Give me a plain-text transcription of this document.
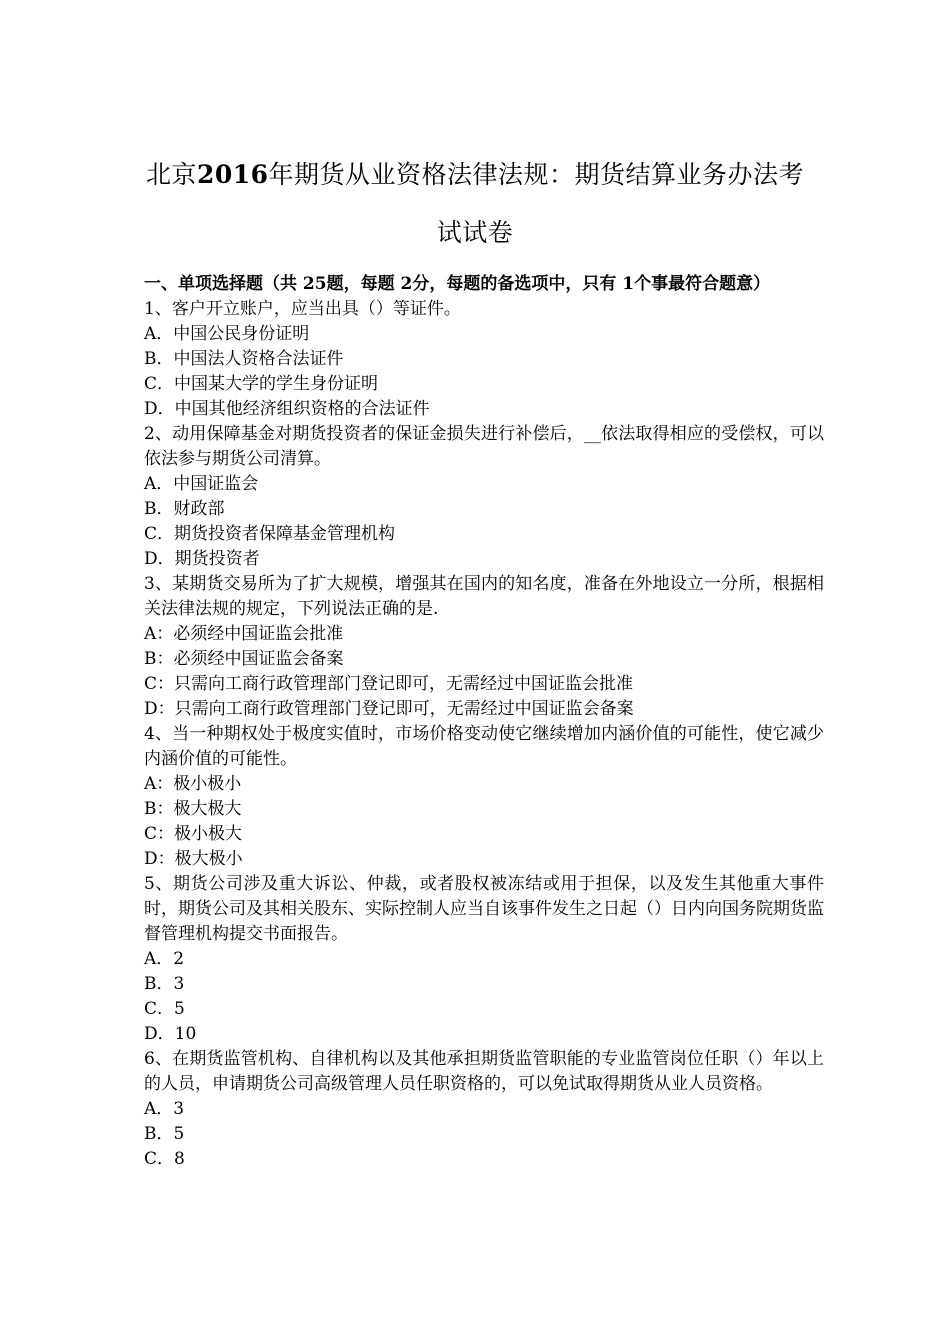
北京2016年期货从业资格法律法规：期货结算业务办法考
试试卷
一、单项选择题（共 25题，每题 2分，每题的备选项中，只有 1个事最符合题意）
1、客户开立账户，应当出具（）等证件。
A．中国公民身份证明
B．中国法人资格合法证件
C．中国某大学的学生身份证明
D．中国其他经济组织资格的合法证件
2、动用保障基金对期货投资者的保证金损失进行补偿后，__依法取得相应的受偿权，可以依法参与期货公司清算。
A．中国证监会
B．财政部
C．期货投资者保障基金管理机构
D．期货投资者
3、某期货交易所为了扩大规模，增强其在国内的知名度，准备在外地设立一分所，根据相关法律法规的规定，下列说法正确的是.
A：必须经中国证监会批准
B：必须经中国证监会备案
C：只需向工商行政管理部门登记即可，无需经过中国证监会批准
D：只需向工商行政管理部门登记即可，无需经过中国证监会备案
4、当一种期权处于极度实值时，市场价格变动使它继续增加内涵价值的可能性，使它减少内涵价值的可能性。
A：极小极小
B：极大极大
C：极小极大
D：极大极小
5、期货公司涉及重大诉讼、仲裁，或者股权被冻结或用于担保，以及发生其他重大事件时，期货公司及其相关股东、实际控制人应当自该事件发生之日起（）日内向国务院期货监督管理机构提交书面报告。
A．2
B．3
C．5
D．10
6、在期货监管机构、自律机构以及其他承担期货监管职能的专业监管岗位任职（）年以上的人员，申请期货公司高级管理人员任职资格的，可以免试取得期货从业人员资格。
A．3
B．5
C．8
